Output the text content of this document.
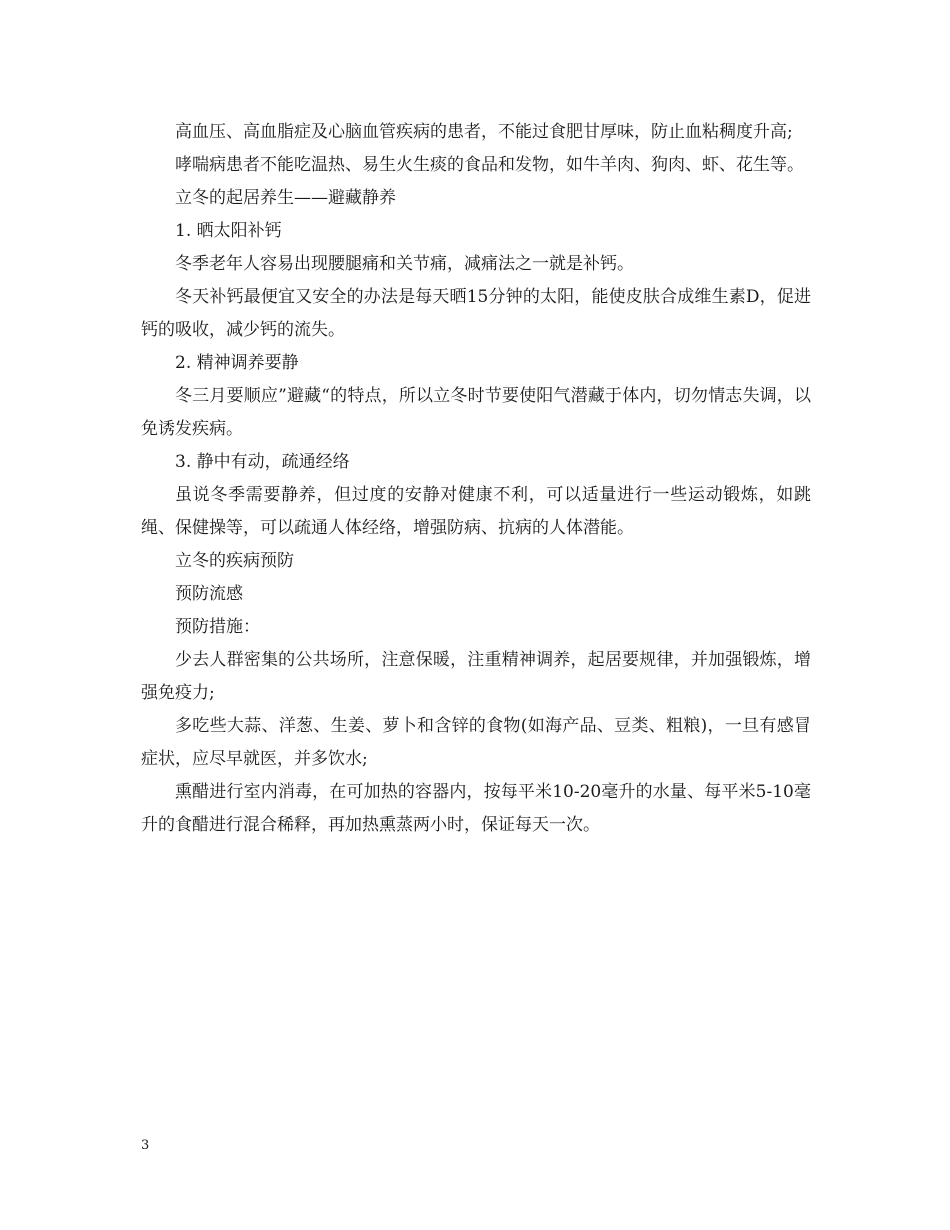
高血压、高血脂症及心脑血管疾病的患者，不能过食肥甘厚味，防止血粘稠度升高;

哮喘病患者不能吃温热、易生火生痰的食品和发物，如牛羊肉、狗肉、虾、花生等。

立冬的起居养生——避藏静养

1. 晒太阳补钙

冬季老年人容易出现腰腿痛和关节痛，减痛法之一就是补钙。

冬天补钙最便宜又安全的办法是每天晒15分钟的太阳，能使皮肤合成维生素D，促进钙的吸收，减少钙的流失。

2. 精神调养要静

冬三月要顺应”避藏“的特点，所以立冬时节要使阳气潜藏于体内，切勿情志失调，以免诱发疾病。

3. 静中有动，疏通经络

虽说冬季需要静养，但过度的安静对健康不利，可以适量进行一些运动锻炼，如跳绳、保健操等，可以疏通人体经络，增强防病、抗病的人体潜能。

立冬的疾病预防

预防流感

预防措施：

少去人群密集的公共场所，注意保暖，注重精神调养，起居要规律，并加强锻炼，增强免疫力;

多吃些大蒜、洋葱、生姜、萝卜和含锌的食物(如海产品、豆类、粗粮)，一旦有感冒症状，应尽早就医，并多饮水;

熏醋进行室内消毒，在可加热的容器内，按每平米10-20毫升的水量、每平米5-10毫升的食醋进行混合稀释，再加热熏蒸两小时，保证每天一次。

3
